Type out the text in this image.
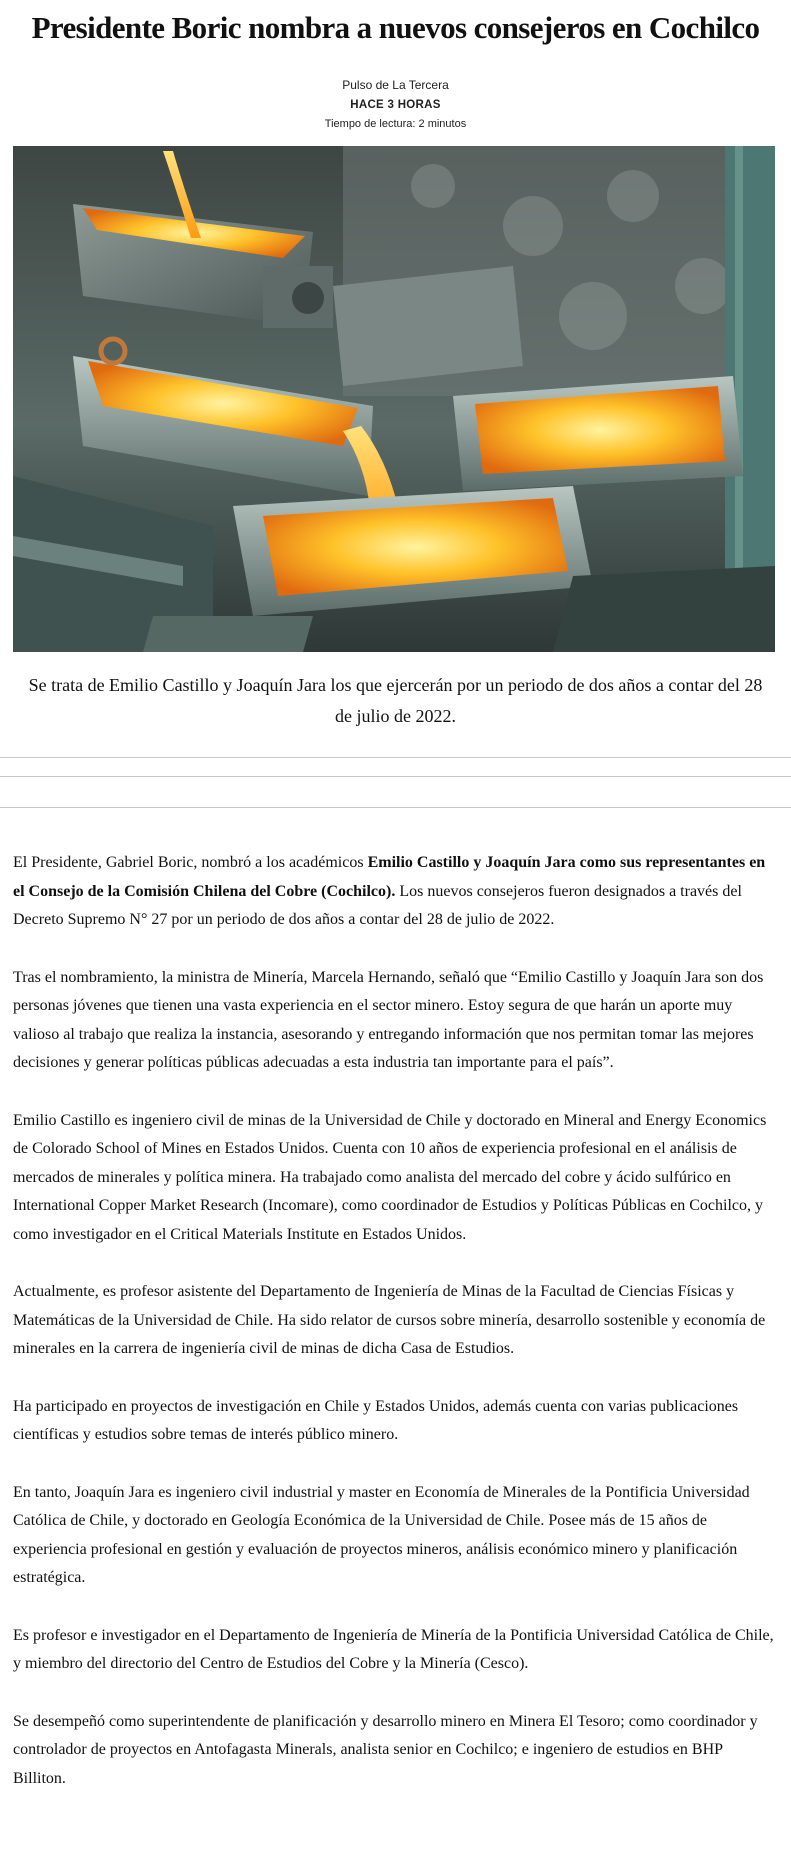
Presidente Boric nombra a nuevos consejeros en Cochilco
Pulso de La Tercera
HACE 3 HORAS
Tiempo de lectura: 2 minutos

Se trata de Emilio Castillo y Joaquín Jara los que ejercerán por un periodo de dos años a contar del 28 de julio de 2022.

El Presidente, Gabriel Boric, nombró a los académicos Emilio Castillo y Joaquín Jara como sus representantes en el Consejo de la Comisión Chilena del Cobre (Cochilco). Los nuevos consejeros fueron designados a través del Decreto Supremo N° 27 por un periodo de dos años a contar del 28 de julio de 2022.

Tras el nombramiento, la ministra de Minería, Marcela Hernando, señaló que “Emilio Castillo y Joaquín Jara son dos personas jóvenes que tienen una vasta experiencia en el sector minero. Estoy segura de que harán un aporte muy valioso al trabajo que realiza la instancia, asesorando y entregando información que nos permitan tomar las mejores decisiones y generar políticas públicas adecuadas a esta industria tan importante para el país”.

Emilio Castillo es ingeniero civil de minas de la Universidad de Chile y doctorado en Mineral and Energy Economics de Colorado School of Mines en Estados Unidos. Cuenta con 10 años de experiencia profesional en el análisis de mercados de minerales y política minera. Ha trabajado como analista del mercado del cobre y ácido sulfúrico en International Copper Market Research (Incomare), como coordinador de Estudios y Políticas Públicas en Cochilco, y como investigador en el Critical Materials Institute en Estados Unidos.

Actualmente, es profesor asistente del Departamento de Ingeniería de Minas de la Facultad de Ciencias Físicas y Matemáticas de la Universidad de Chile. Ha sido relator de cursos sobre minería, desarrollo sostenible y economía de minerales en la carrera de ingeniería civil de minas de dicha Casa de Estudios.

Ha participado en proyectos de investigación en Chile y Estados Unidos, además cuenta con varias publicaciones científicas y estudios sobre temas de interés público minero.

En tanto, Joaquín Jara es ingeniero civil industrial y master en Economía de Minerales de la Pontificia Universidad Católica de Chile, y doctorado en Geología Económica de la Universidad de Chile. Posee más de 15 años de experiencia profesional en gestión y evaluación de proyectos mineros, análisis económico minero y planificación estratégica.

Es profesor e investigador en el Departamento de Ingeniería de Minería de la Pontificia Universidad Católica de Chile, y miembro del directorio del Centro de Estudios del Cobre y la Minería (Cesco).

Se desempeñó como superintendente de planificación y desarrollo minero en Minera El Tesoro; como coordinador y controlador de proyectos en Antofagasta Minerals, analista senior en Cochilco; e ingeniero de estudios en BHP Billiton.
